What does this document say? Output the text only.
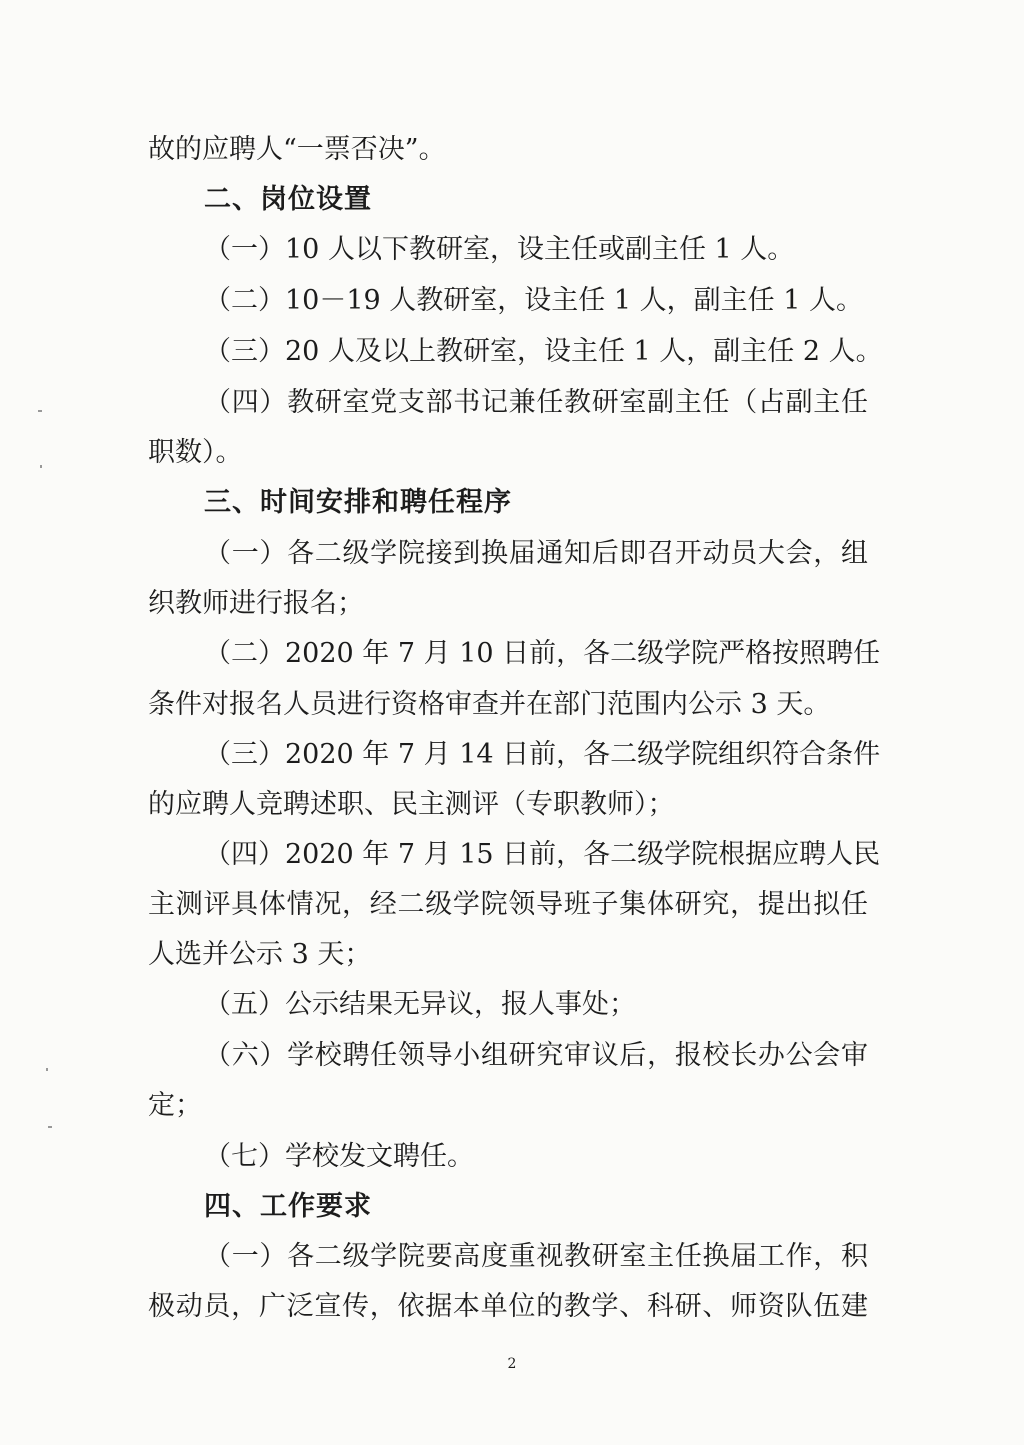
故的应聘人“一票否决”。
二、岗位设置
（一）10 人以下教研室，设主任或副主任 1 人。
（二）10－19 人教研室，设主任 1 人，副主任 1 人。
（三）20 人及以上教研室，设主任 1 人，副主任 2 人。
（四）教研室党支部书记兼任教研室副主任（占副主任
职数）。
三、时间安排和聘任程序
（一）各二级学院接到换届通知后即召开动员大会，组
织教师进行报名；
（二）2020 年 7 月 10 日前，各二级学院严格按照聘任
条件对报名人员进行资格审查并在部门范围内公示 3 天。
（三）2020 年 7 月 14 日前，各二级学院组织符合条件
的应聘人竞聘述职、民主测评（专职教师）；
（四）2020 年 7 月 15 日前，各二级学院根据应聘人民
主测评具体情况，经二级学院领导班子集体研究，提出拟任
人选并公示 3 天；
（五）公示结果无异议，报人事处；
（六）学校聘任领导小组研究审议后，报校长办公会审
定；
（七）学校发文聘任。
四、工作要求
（一）各二级学院要高度重视教研室主任换届工作，积
极动员，广泛宣传，依据本单位的教学、科研、师资队伍建
2
